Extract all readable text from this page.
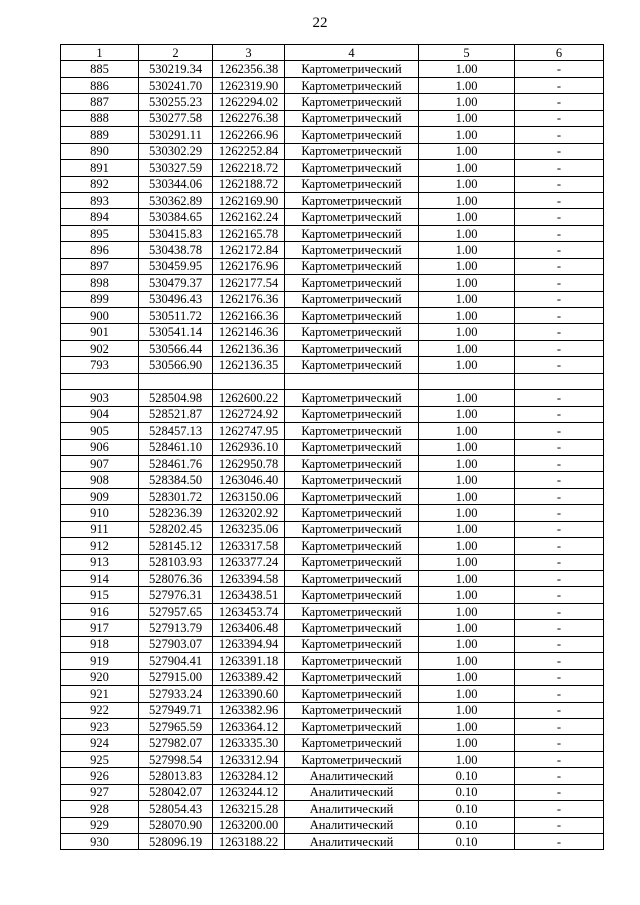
22
1	2	3	4	5	6
885	530219.34	1262356.38	Картометрический	1.00	-
886	530241.70	1262319.90	Картометрический	1.00	-
887	530255.23	1262294.02	Картометрический	1.00	-
888	530277.58	1262276.38	Картометрический	1.00	-
889	530291.11	1262266.96	Картометрический	1.00	-
890	530302.29	1262252.84	Картометрический	1.00	-
891	530327.59	1262218.72	Картометрический	1.00	-
892	530344.06	1262188.72	Картометрический	1.00	-
893	530362.89	1262169.90	Картометрический	1.00	-
894	530384.65	1262162.24	Картометрический	1.00	-
895	530415.83	1262165.78	Картометрический	1.00	-
896	530438.78	1262172.84	Картометрический	1.00	-
897	530459.95	1262176.96	Картометрический	1.00	-
898	530479.37	1262177.54	Картометрический	1.00	-
899	530496.43	1262176.36	Картометрический	1.00	-
900	530511.72	1262166.36	Картометрический	1.00	-
901	530541.14	1262146.36	Картометрический	1.00	-
902	530566.44	1262136.36	Картометрический	1.00	-
793	530566.90	1262136.35	Картометрический	1.00	-

903	528504.98	1262600.22	Картометрический	1.00	-
904	528521.87	1262724.92	Картометрический	1.00	-
905	528457.13	1262747.95	Картометрический	1.00	-
906	528461.10	1262936.10	Картометрический	1.00	-
907	528461.76	1262950.78	Картометрический	1.00	-
908	528384.50	1263046.40	Картометрический	1.00	-
909	528301.72	1263150.06	Картометрический	1.00	-
910	528236.39	1263202.92	Картометрический	1.00	-
911	528202.45	1263235.06	Картометрический	1.00	-
912	528145.12	1263317.58	Картометрический	1.00	-
913	528103.93	1263377.24	Картометрический	1.00	-
914	528076.36	1263394.58	Картометрический	1.00	-
915	527976.31	1263438.51	Картометрический	1.00	-
916	527957.65	1263453.74	Картометрический	1.00	-
917	527913.79	1263406.48	Картометрический	1.00	-
918	527903.07	1263394.94	Картометрический	1.00	-
919	527904.41	1263391.18	Картометрический	1.00	-
920	527915.00	1263389.42	Картометрический	1.00	-
921	527933.24	1263390.60	Картометрический	1.00	-
922	527949.71	1263382.96	Картометрический	1.00	-
923	527965.59	1263364.12	Картометрический	1.00	-
924	527982.07	1263335.30	Картометрический	1.00	-
925	527998.54	1263312.94	Картометрический	1.00	-
926	528013.83	1263284.12	Аналитический	0.10	-
927	528042.07	1263244.12	Аналитический	0.10	-
928	528054.43	1263215.28	Аналитический	0.10	-
929	528070.90	1263200.00	Аналитический	0.10	-
930	528096.19	1263188.22	Аналитический	0.10	-
